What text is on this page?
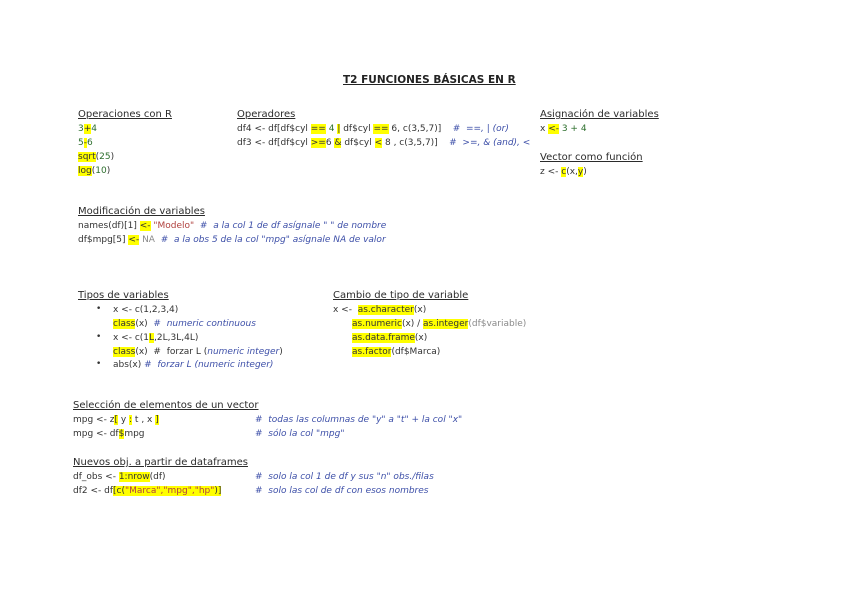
T2 FUNCIONES BÁSICAS EN R
Operaciones con R
3+4
5-6
sqrt(25)
log(10)
Operadores
df4 <- df[df$cyl == 4 | df$cyl == 6, c(3,5,7)]    #  ==, | (or)
df3 <- df[df$cyl >=6 & df$cyl < 8 , c(3,5,7)]    #  >=, & (and), <
Asignación de variables
x <- 3 + 4
Vector como función
z <- c(x,y)
Modificación de variables
names(df)[1] <- "Modelo"  #  a la col 1 de df asígnale " " de nombre
df$mpg[5] <- NA  #  a la obs 5 de la col "mpg" asígnale NA de valor
Tipos de variables
• x <- c(1,2,3,4)
class(x)  #  numeric continuous
• x <- c(1L,2L,3L,4L)
class(x)  #  forzar L (numeric integer)
• abs(x) #  forzar L (numeric integer)
Cambio de tipo de variable
x <-  as.character(x)
as.numeric(x) / as.integer(df$variable)
as.data.frame(x)
as.factor(df$Marca)
Selección de elementos de un vector
mpg <- z[ y : t , x ]	#  todas las columnas de "y" a "t" + la col "x"
mpg <- df$mpg	#  sólo la col "mpg"
Nuevos obj. a partir de dataframes
df_obs <- 1:nrow(df)	#  solo la col 1 de df y sus "n" obs./filas
df2 <- df[c("Marca","mpg","hp")]	#  solo las col de df con esos nombres
